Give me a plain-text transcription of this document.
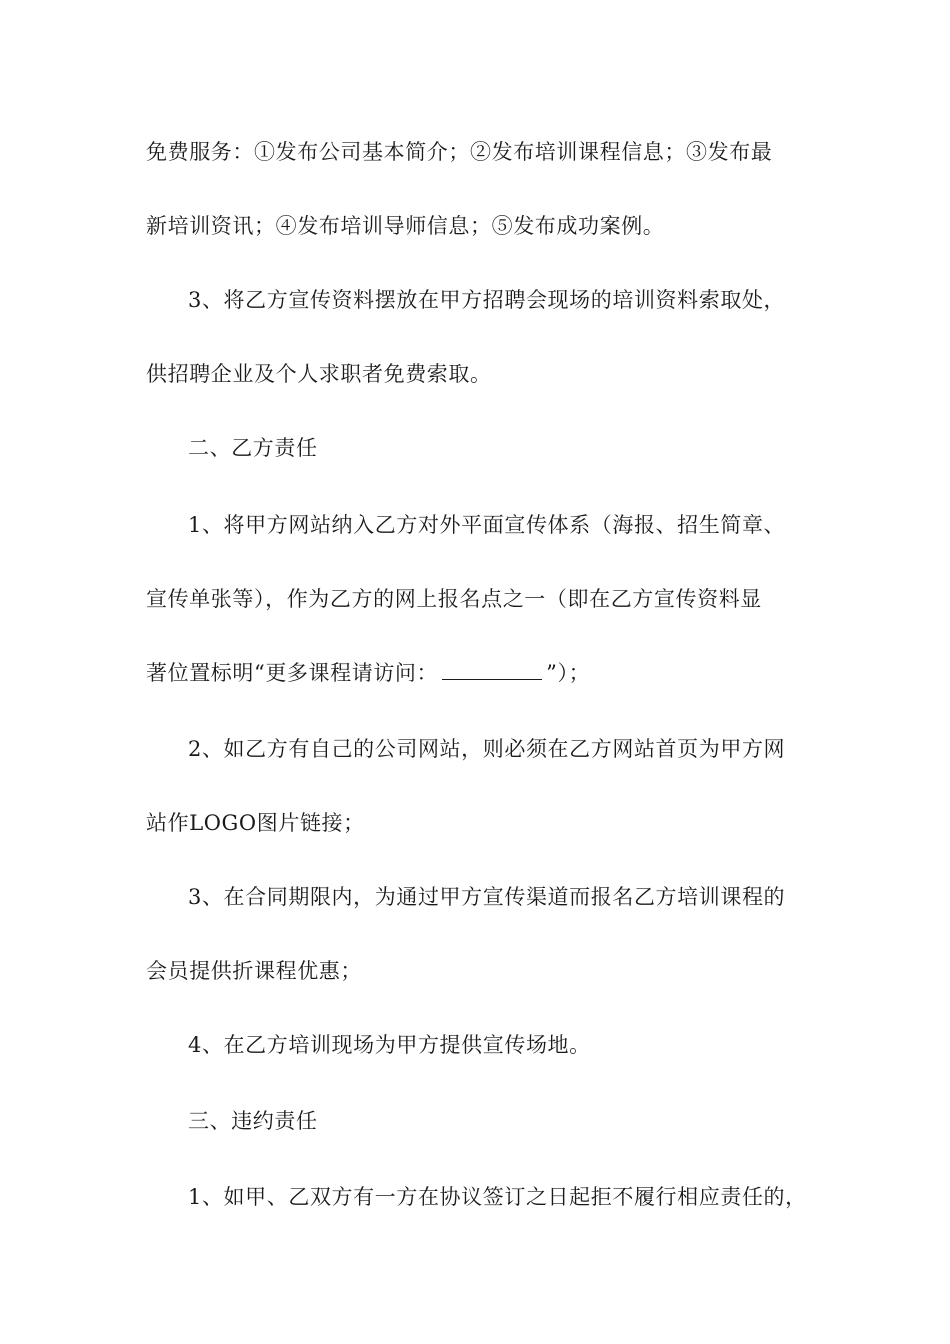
免费服务：①发布公司基本简介；②发布培训课程信息；③发布最
新培训资讯；④发布培训导师信息；⑤发布成功案例。
3、将乙方宣传资料摆放在甲方招聘会现场的培训资料索取处，
供招聘企业及个人求职者免费索取。
二、乙方责任
1、将甲方网站纳入乙方对外平面宣传体系（海报、招生简章、
宣传单张等），作为乙方的网上报名点之一（即在乙方宣传资料显
著位置标明“更多课程请访问：	”）；
2、如乙方有自己的公司网站，则必须在乙方网站首页为甲方网
站作LOGO图片链接；
3、在合同期限内，为通过甲方宣传渠道而报名乙方培训课程的
会员提供折课程优惠；
4、在乙方培训现场为甲方提供宣传场地。
三、违约责任
1、如甲、乙双方有一方在协议签订之日起拒不履行相应责任的，
